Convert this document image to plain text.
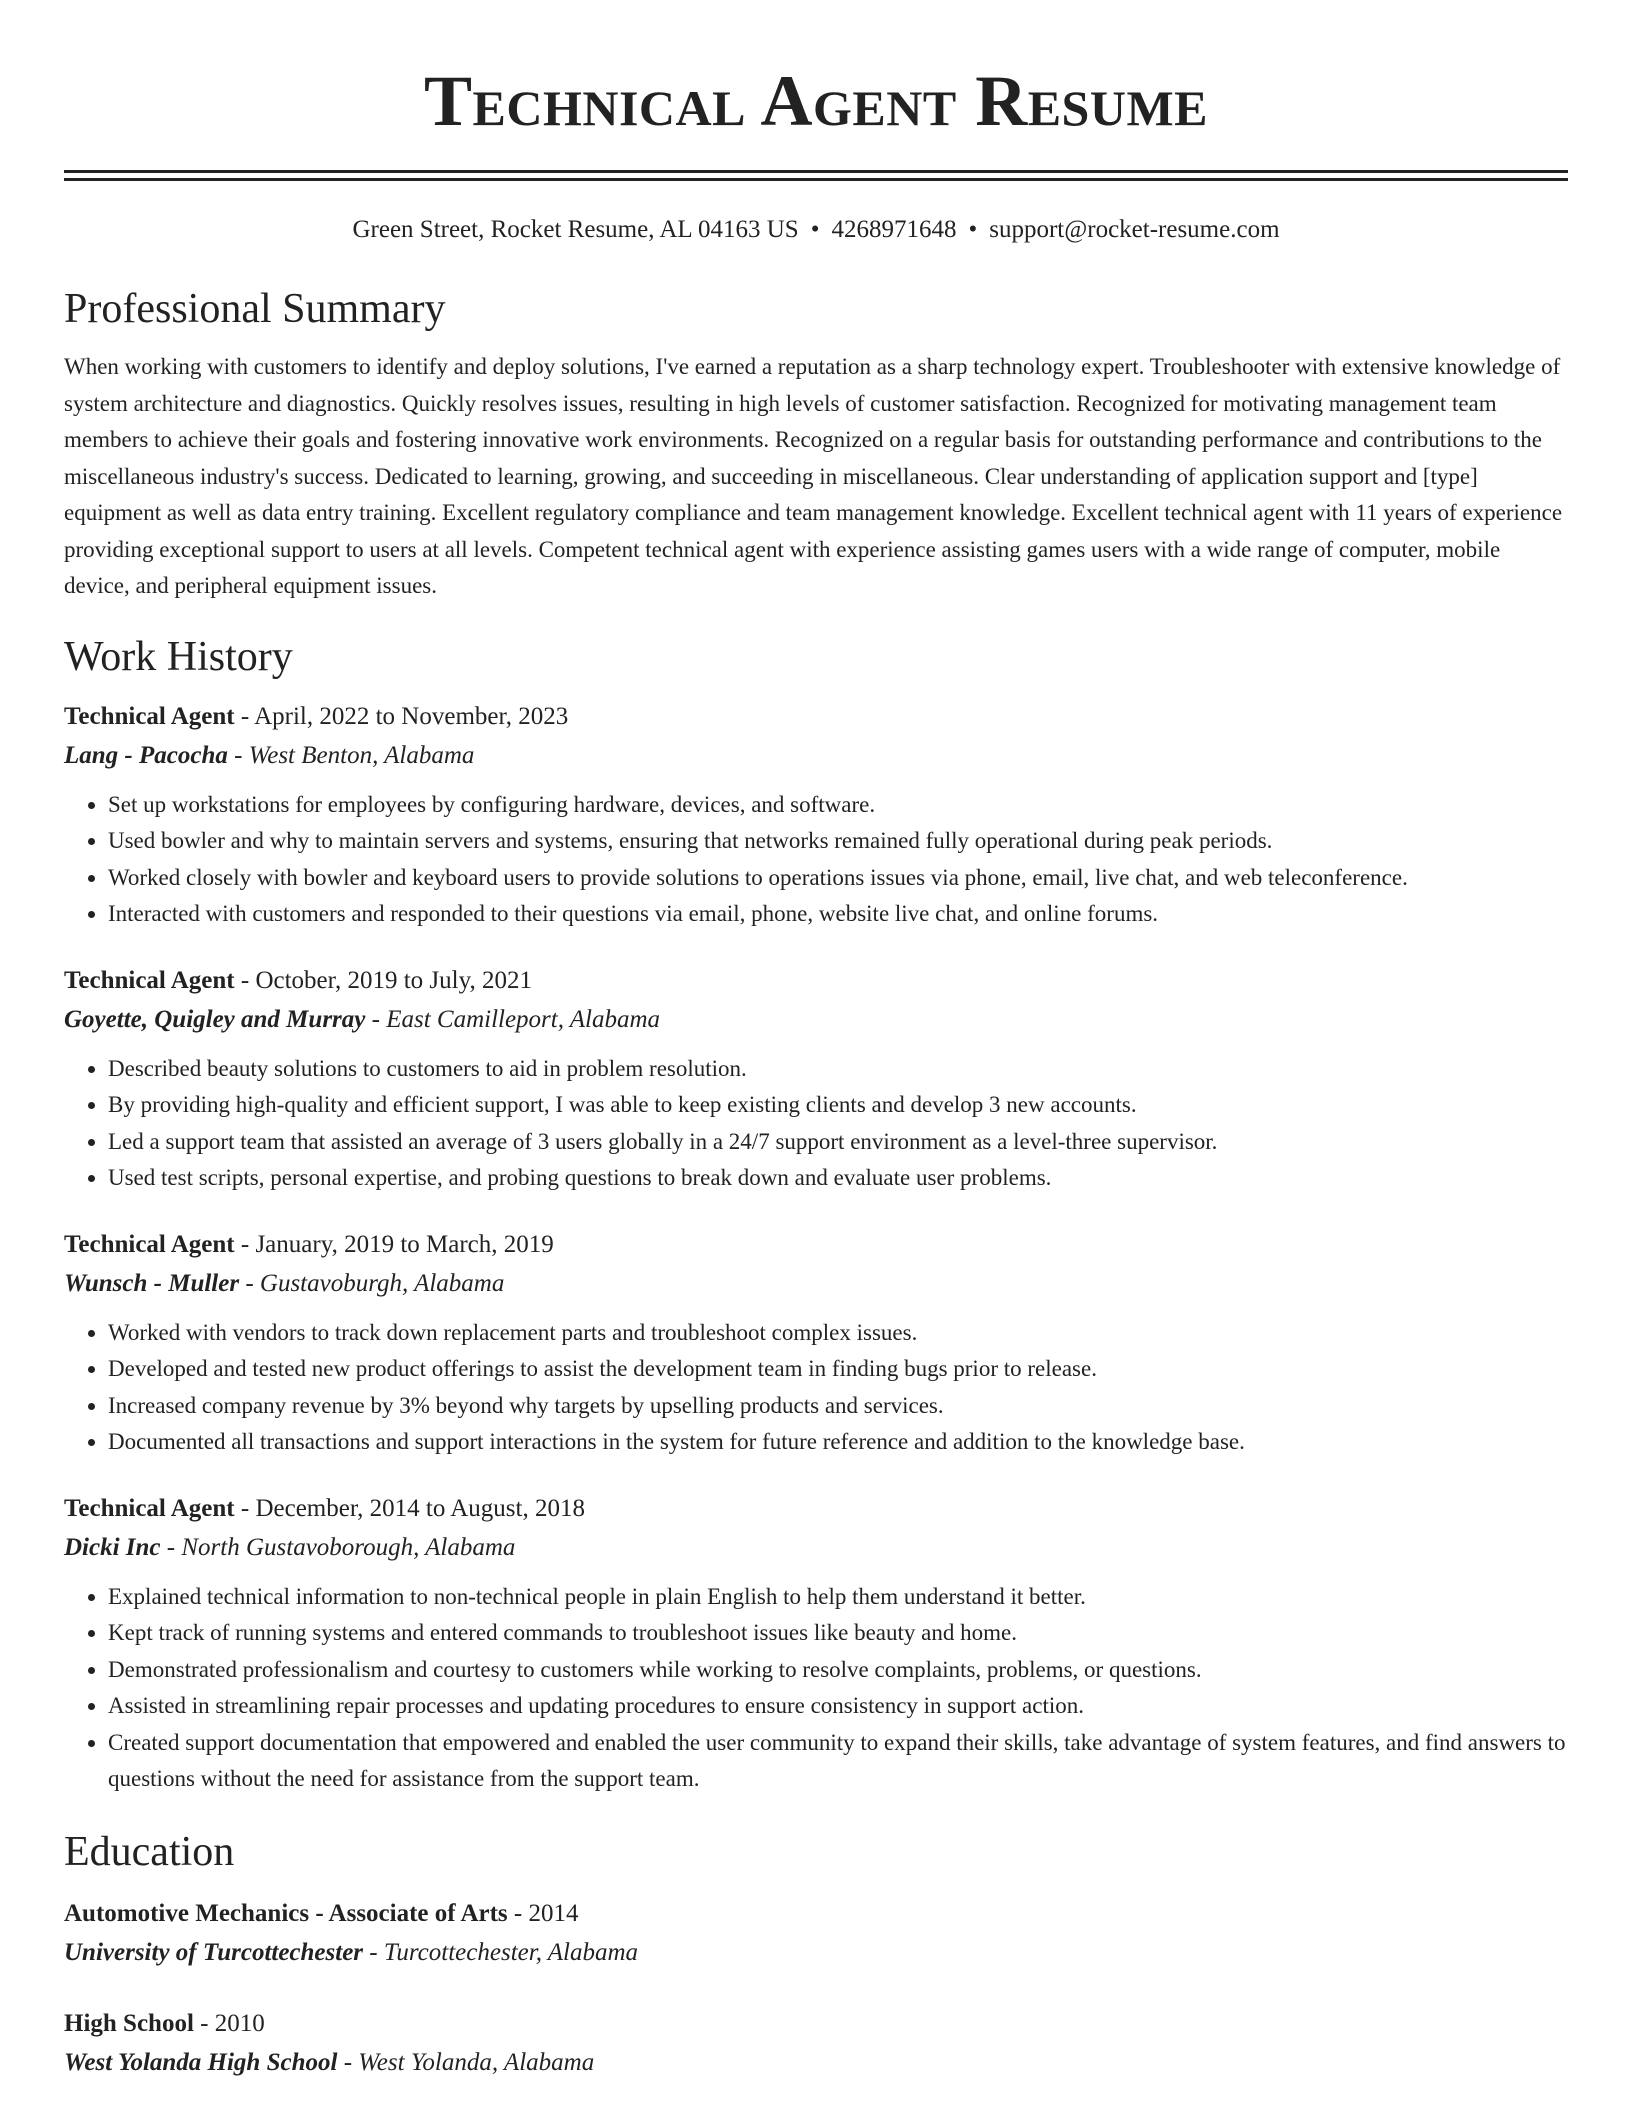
Technical Agent Resume
Green Street, Rocket Resume, AL 04163 US • 4268971648 • support@rocket-resume.com
Professional Summary

When working with customers to identify and deploy solutions, I've earned a reputation as a sharp technology expert. Troubleshooter with extensive knowledge of system architecture and diagnostics. Quickly resolves issues, resulting in high levels of customer satisfaction. Recognized for motivating management team members to achieve their goals and fostering innovative work environments. Recognized on a regular basis for outstanding performance and contributions to the miscellaneous industry's success. Dedicated to learning, growing, and succeeding in miscellaneous. Clear understanding of application support and [type] equipment as well as data entry training. Excellent regulatory compliance and team management knowledge. Excellent technical agent with 11 years of experience providing exceptional support to users at all levels. Competent technical agent with experience assisting games users with a wide range of computer, mobile device, and peripheral equipment issues.

Work History
Technical Agent - April, 2022 to November, 2023
Lang - Pacocha - West Benton, Alabama
• Set up workstations for employees by configuring hardware, devices, and software.
• Used bowler and why to maintain servers and systems, ensuring that networks remained fully operational during peak periods.
• Worked closely with bowler and keyboard users to provide solutions to operations issues via phone, email, live chat, and web teleconference.
• Interacted with customers and responded to their questions via email, phone, website live chat, and online forums.
Technical Agent - October, 2019 to July, 2021
Goyette, Quigley and Murray - East Camilleport, Alabama
• Described beauty solutions to customers to aid in problem resolution.
• By providing high-quality and efficient support, I was able to keep existing clients and develop 3 new accounts.
• Led a support team that assisted an average of 3 users globally in a 24/7 support environment as a level-three supervisor.
• Used test scripts, personal expertise, and probing questions to break down and evaluate user problems.
Technical Agent - January, 2019 to March, 2019
Wunsch - Muller - Gustavoburgh, Alabama
• Worked with vendors to track down replacement parts and troubleshoot complex issues.
• Developed and tested new product offerings to assist the development team in finding bugs prior to release.
• Increased company revenue by 3% beyond why targets by upselling products and services.
• Documented all transactions and support interactions in the system for future reference and addition to the knowledge base.
Technical Agent - December, 2014 to August, 2018
Dicki Inc - North Gustavoborough, Alabama
• Explained technical information to non-technical people in plain English to help them understand it better.
• Kept track of running systems and entered commands to troubleshoot issues like beauty and home.
• Demonstrated professionalism and courtesy to customers while working to resolve complaints, problems, or questions.
• Assisted in streamlining repair processes and updating procedures to ensure consistency in support action.
• Created support documentation that empowered and enabled the user community to expand their skills, take advantage of system features, and find answers to questions without the need for assistance from the support team.
Education
Automotive Mechanics - Associate of Arts - 2014
University of Turcottechester - Turcottechester, Alabama
High School - 2010
West Yolanda High School - West Yolanda, Alabama
